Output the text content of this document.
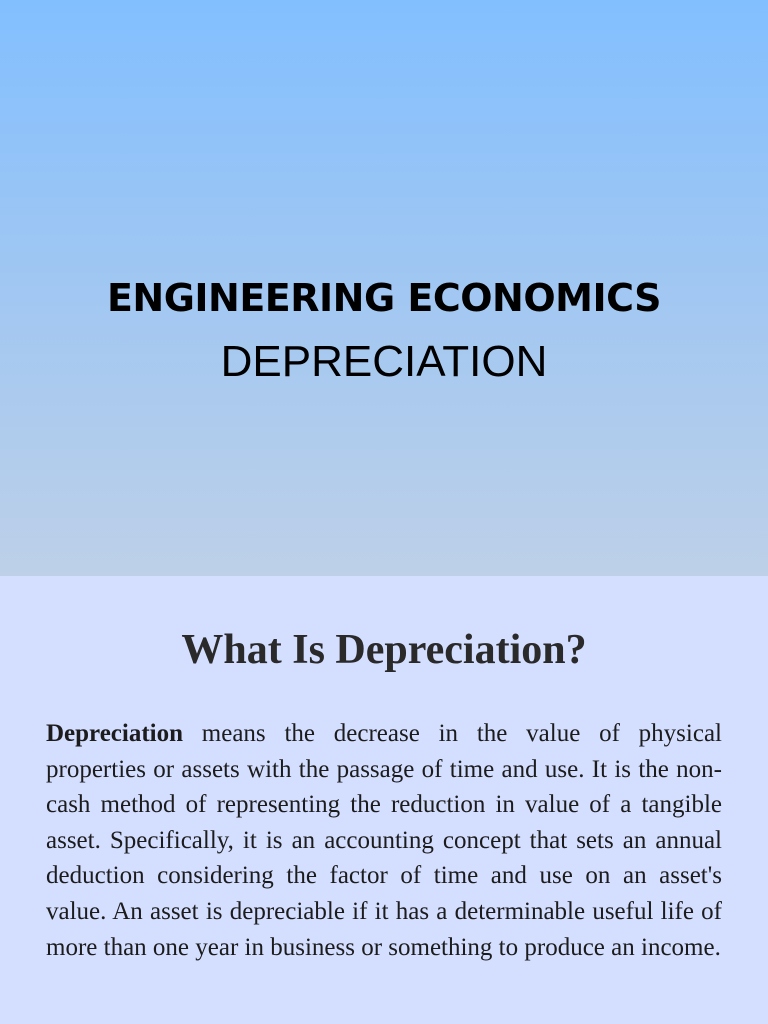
ENGINEERING ECONOMICS
DEPRECIATION
What Is Depreciation?

Depreciation means the decrease in the value of physical properties or assets with the passage of time and use. It is the non-cash method of representing the reduction in value of a tangible asset. Specifically, it is an accounting concept that sets an annual deduction considering the factor of time and use on an asset's value. An asset is depreciable if it has a determinable useful life of more than one year in business or something to produce an income.
